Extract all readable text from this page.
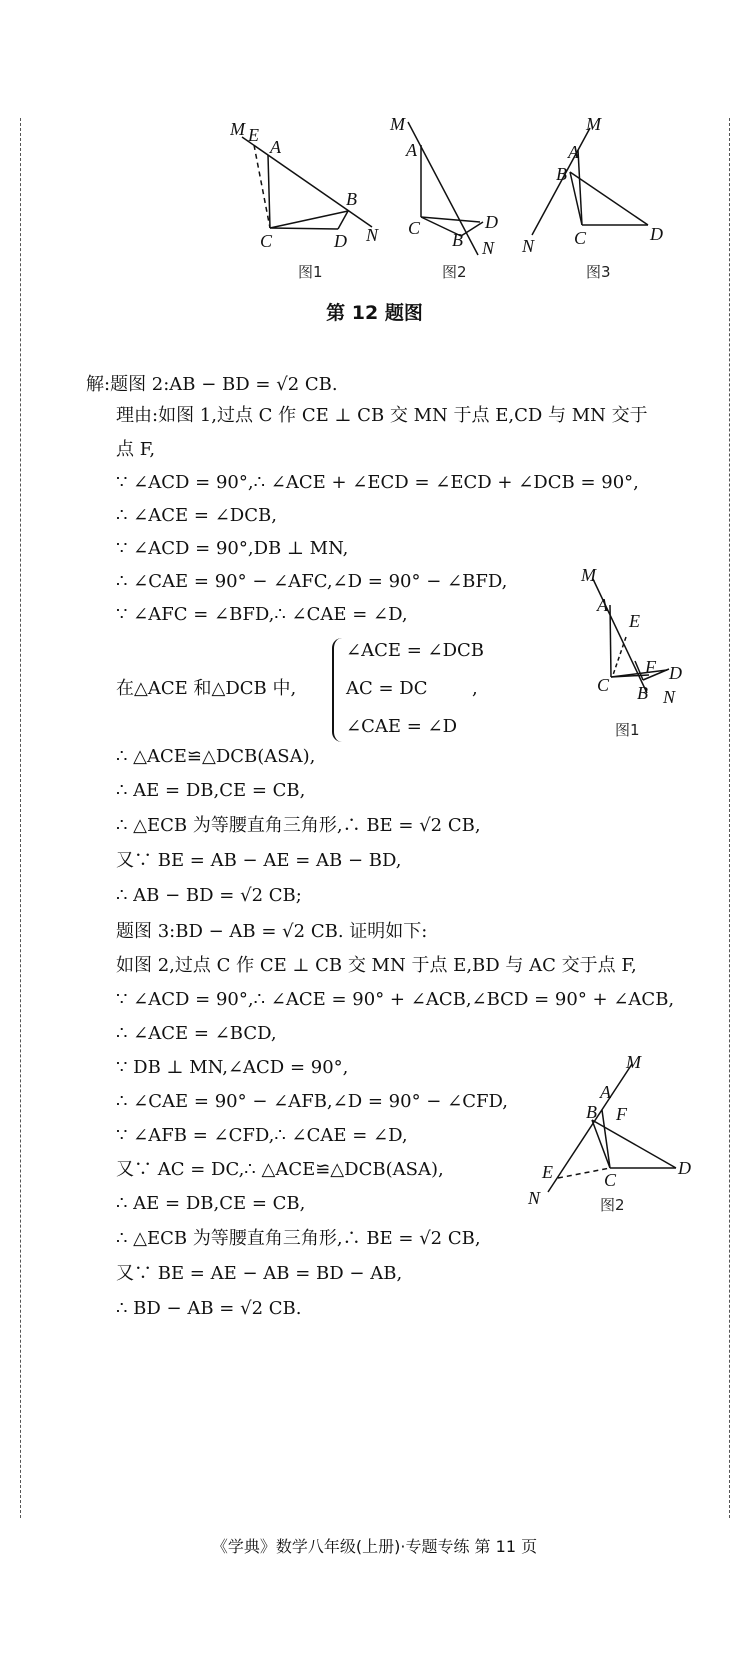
M E
A
B
C	D N
图1
M
A
C
B
D
N
图2
M
A
B
N C	D
图3
第 12 题图
解:题图 2:AB − BD = √2 CB.
理由:如图 1,过点 C 作 CE ⊥ CB 交 MN 于点 E,CD 与 MN 交于
点 F,
∵ ∠ACD = 90°,∴ ∠ACE + ∠ECD = ∠ECD + ∠DCB = 90°,
∴ ∠ACE = ∠DCB,
∵ ∠ACD = 90°,DB ⊥ MN,
∴ ∠CAE = 90° − ∠AFC,∠D = 90° − ∠BFD,
∵ ∠AFC = ∠BFD,∴ ∠CAE = ∠D,
在△ACE 和△DCB 中,
∠ACE = ∠DCB
AC = DC
∠CAE = ∠D
,
∴ △ACE≌△DCB(ASA),
∴ AE = DB,CE = CB,
∴ △ECB 为等腰直角三角形,∴ BE = √2 CB,
又∵ BE = AB − AE = AB − BD,
∴ AB − BD = √2 CB;
题图 3:BD − AB = √2 CB. 证明如下:
如图 2,过点 C 作 CE ⊥ CB 交 MN 于点 E,BD 与 AC 交于点 F,
∵ ∠ACD = 90°,∴ ∠ACE = 90° + ∠ACB,∠BCD = 90° + ∠ACB,
∴ ∠ACE = ∠BCD,
∵ DB ⊥ MN,∠ACD = 90°,
∴ ∠CAE = 90° − ∠AFB,∠D = 90° − ∠CFD,
∵ ∠AFB = ∠CFD,∴ ∠CAE = ∠D,
又∵ AC = DC,∴ △ACE≌△DCB(ASA),
∴ AE = DB,CE = CB,
∴ △ECB 为等腰直角三角形,∴ BE = √2 CB,
又∵ BE = AE − AB = BD − AB,
∴ BD − AB = √2 CB.
M
A
E
F D
C B N
图1
M
A
B F
E	C
D
N	图2
《学典》数学八年级(上册)·专题专练 第 11 页
